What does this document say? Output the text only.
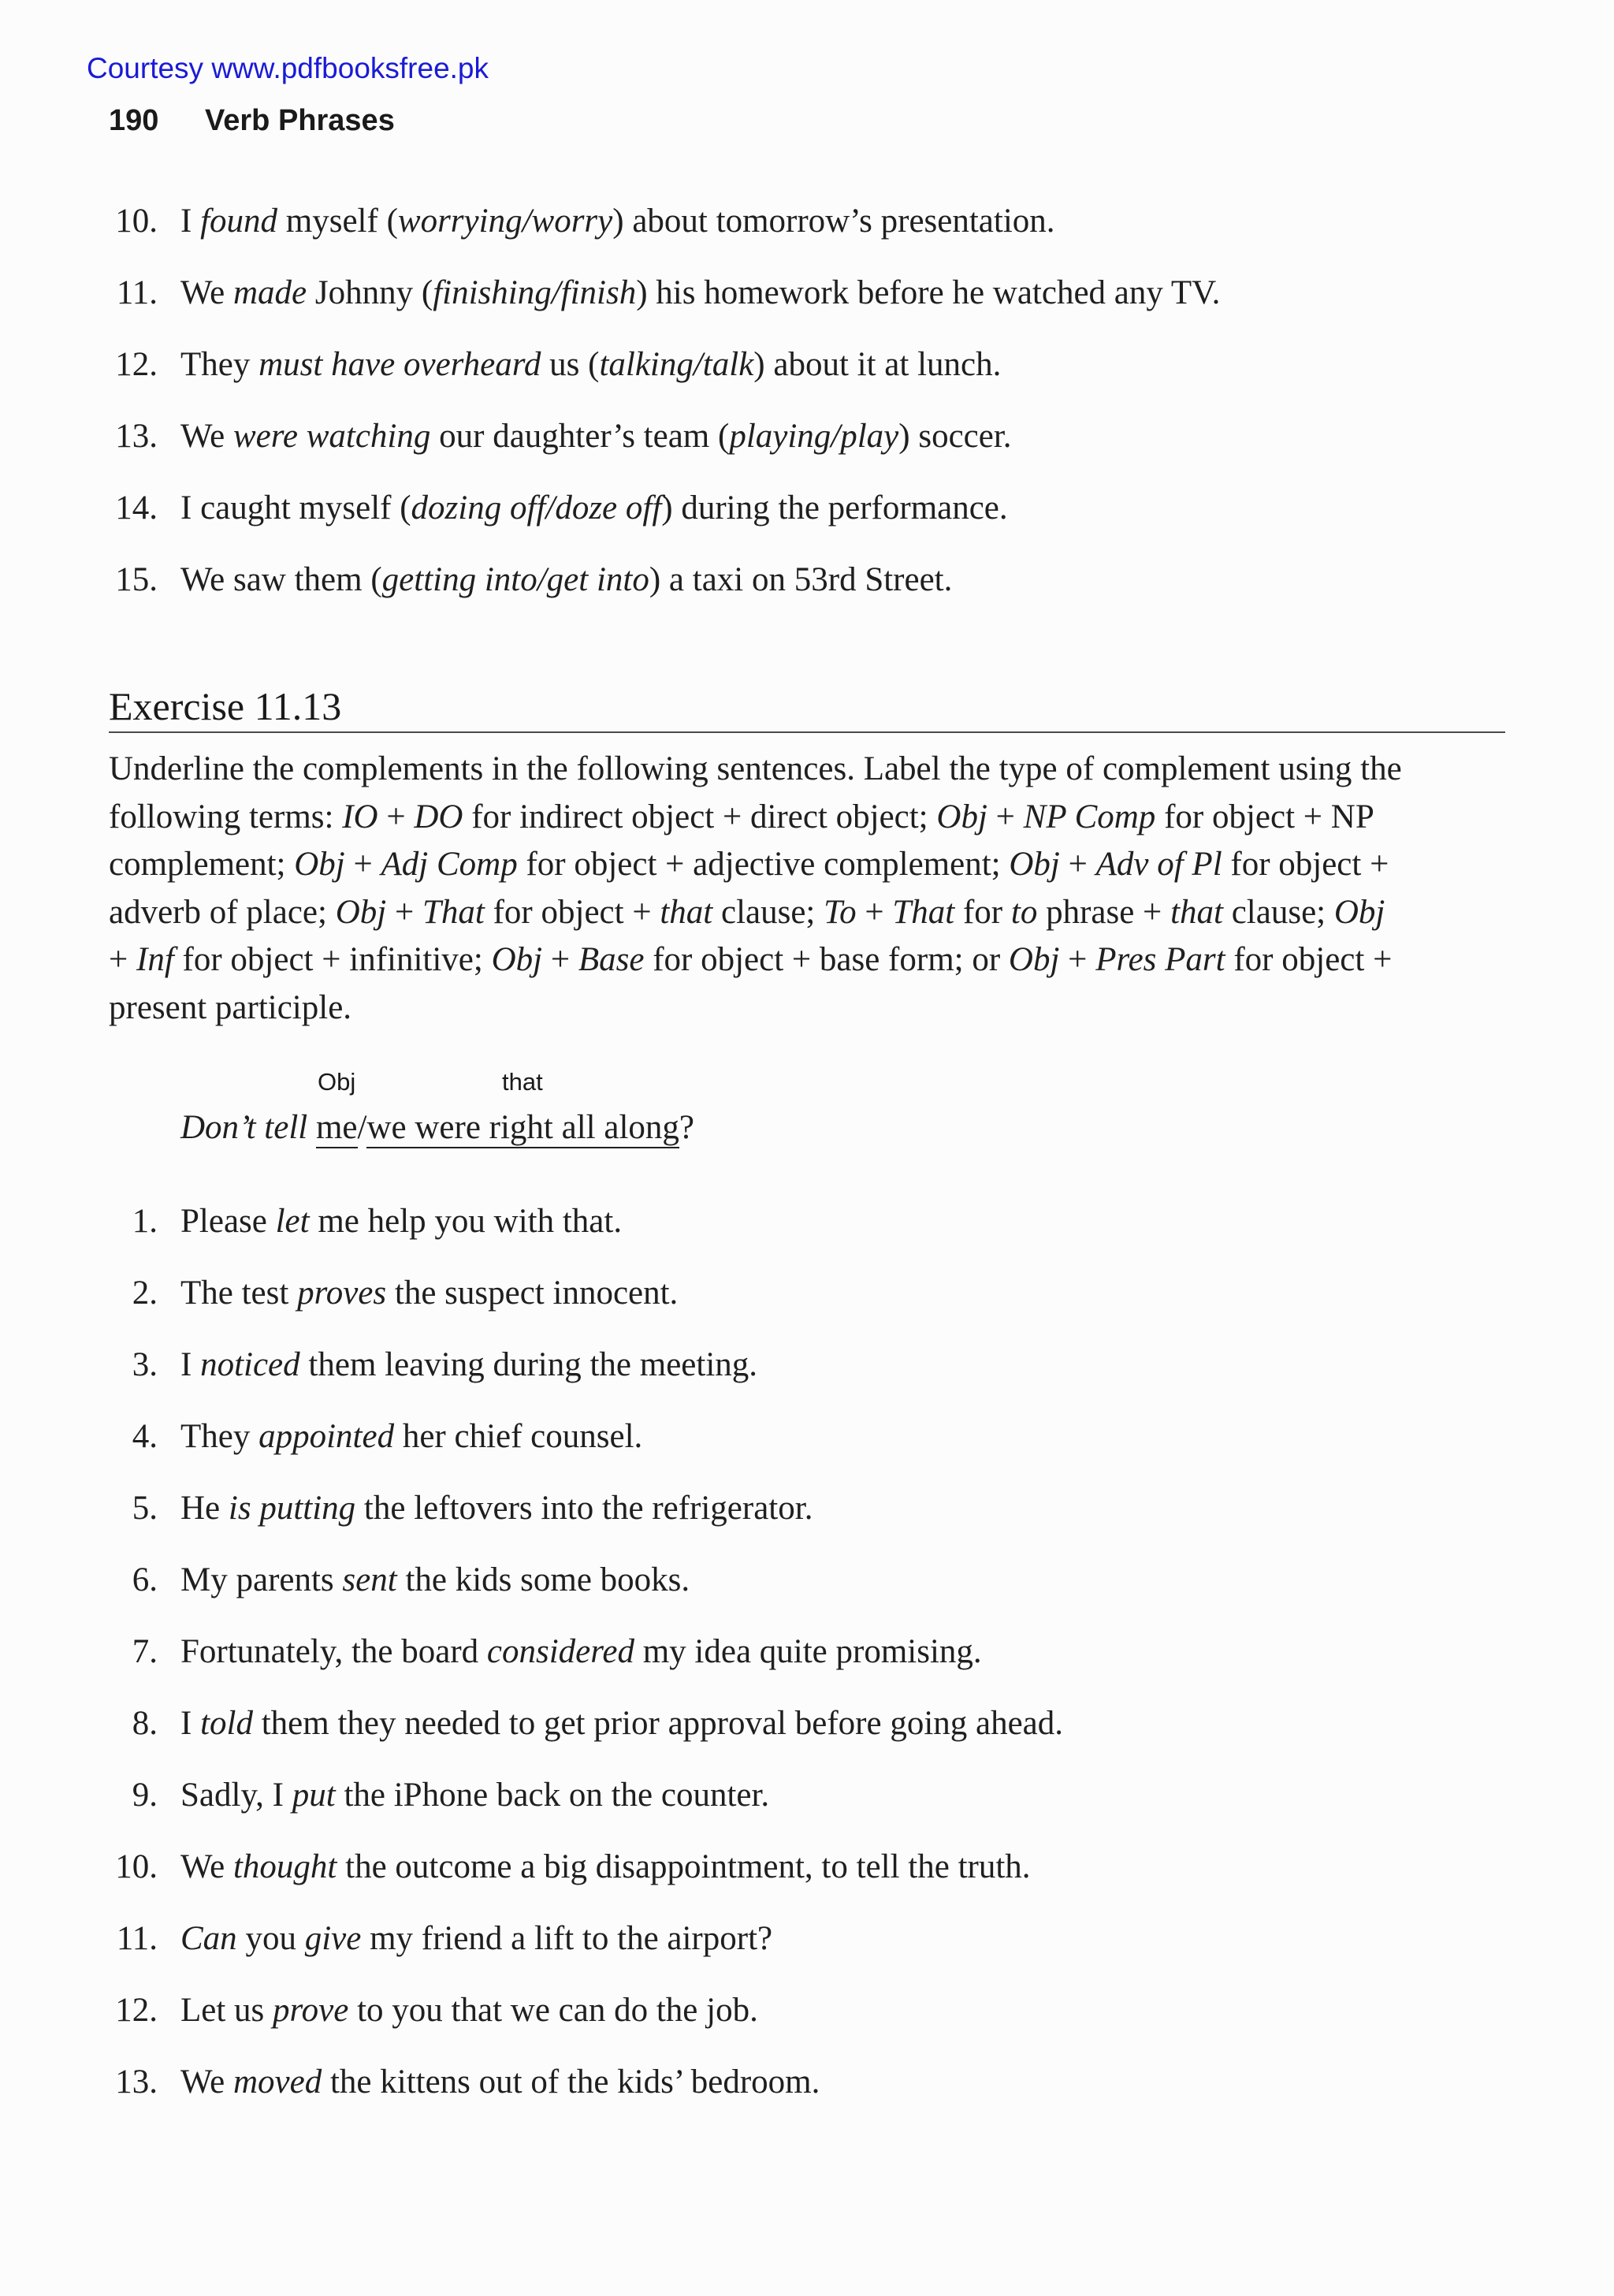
Courtesy www.pdfbooksfree.pk
190 Verb Phrases
10. I found myself (worrying/worry) about tomorrow’s presentation.
11. We made Johnny (finishing/finish) his homework before he watched any TV.
12. They must have overheard us (talking/talk) about it at lunch.
13. We were watching our daughter’s team (playing/play) soccer.
14. I caught myself (dozing off/doze off) during the performance.
15. We saw them (getting into/get into) a taxi on 53rd Street.
Exercise 11.13
Underline the complements in the following sentences. Label the type of complement using the
following terms: IO + DO for indirect object + direct object; Obj + NP Comp for object + NP
complement; Obj + Adj Comp for object + adjective complement; Obj + Adv of Pl for object +
adverb of place; Obj + That for object + that clause; To + That for to phrase + that clause; Obj
+ Inf for object + infinitive; Obj + Base for object + base form; or Obj + Pres Part for object +
present participle.
Obj	that
Don’t tell me/we were right all along?
1. Please let me help you with that.
2. The test proves the suspect innocent.
3. I noticed them leaving during the meeting.
4. They appointed her chief counsel.
5. He is putting the leftovers into the refrigerator.
6. My parents sent the kids some books.
7. Fortunately, the board considered my idea quite promising.
8. I told them they needed to get prior approval before going ahead.
9. Sadly, I put the iPhone back on the counter.
10. We thought the outcome a big disappointment, to tell the truth.
11. Can you give my friend a lift to the airport?
12. Let us prove to you that we can do the job.
13. We moved the kittens out of the kids’ bedroom.
